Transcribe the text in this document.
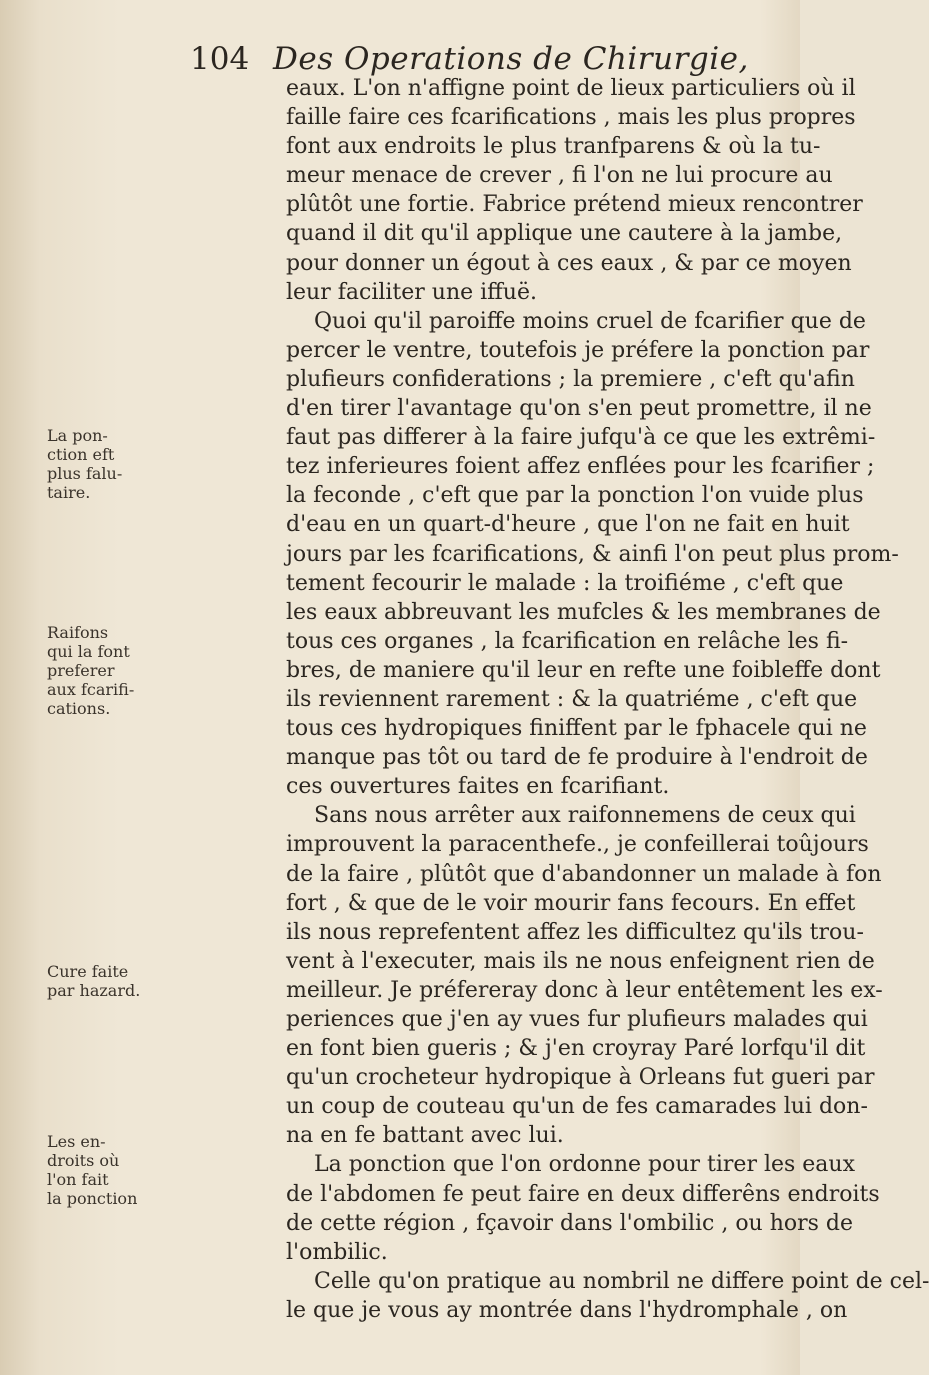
104 Des Operations de Chirurgie,
eaux. L'on n'affigne point de lieux particuliers où il
faille faire ces fcarifications , mais les plus propres
font aux endroits le plus tranfparens & où la tu-
meur menace de crever , fi l'on ne lui procure au
plûtôt une fortie. Fabrice prétend mieux rencontrer
quand il dit qu'il applique une cautere à la jambe,
pour donner un égout à ces eaux , & par ce moyen
leur faciliter une iffuë.
Quoi qu'il paroiffe moins cruel de fcarifier que de
percer le ventre, toutefois je préfere la ponction par
plufieurs confiderations ; la premiere , c'eft qu'afin
d'en tirer l'avantage qu'on s'en peut promettre, il ne
faut pas differer à la faire jufqu'à ce que les extrêmi-
tez inferieures foient affez enflées pour les fcarifier ;
la feconde , c'eft que par la ponction l'on vuide plus
d'eau en un quart-d'heure , que l'on ne fait en huit
jours par les fcarifications, & ainfi l'on peut plus prom-
tement fecourir le malade : la troifiéme , c'eft que
les eaux abbreuvant les mufcles & les membranes de
tous ces organes , la fcarification en relâche les fi-
bres, de maniere qu'il leur en refte une foibleffe dont
ils reviennent rarement : & la quatriéme , c'eft que
tous ces hydropiques finiffent par le fphacele qui ne
manque pas tôt ou tard de fe produire à l'endroit de
ces ouvertures faites en fcarifiant.
Sans nous arrêter aux raifonnemens de ceux qui
improuvent la paracenthefe., je confeillerai toûjours
de la faire , plûtôt que d'abandonner un malade à fon
fort , & que de le voir mourir fans fecours. En effet
ils nous reprefentent affez les difficultez qu'ils trou-
vent à l'executer, mais ils ne nous enfeignent rien de
meilleur. Je préfereray donc à leur entêtement les ex-
periences que j'en ay vues fur plufieurs malades qui
en font bien gueris ; & j'en croyray Paré lorfqu'il dit
qu'un crocheteur hydropique à Orleans fut gueri par
un coup de couteau qu'un de fes camarades lui don-
na en fe battant avec lui.
La ponction que l'on ordonne pour tirer les eaux
de l'abdomen fe peut faire en deux differêns endroits
de cette région , fçavoir dans l'ombilic , ou hors de
l'ombilic.
Celle qu'on pratique au nombril ne differe point de cel-
le que je vous ay montrée dans l'hydromphale , on
La pon-
ction eft
plus falu-
taire.
Raifons
qui la font
preferer
aux fcarifi-
cations.
Cure faite
par hazard.
Les en-
droits où
l'on fait
la ponction
